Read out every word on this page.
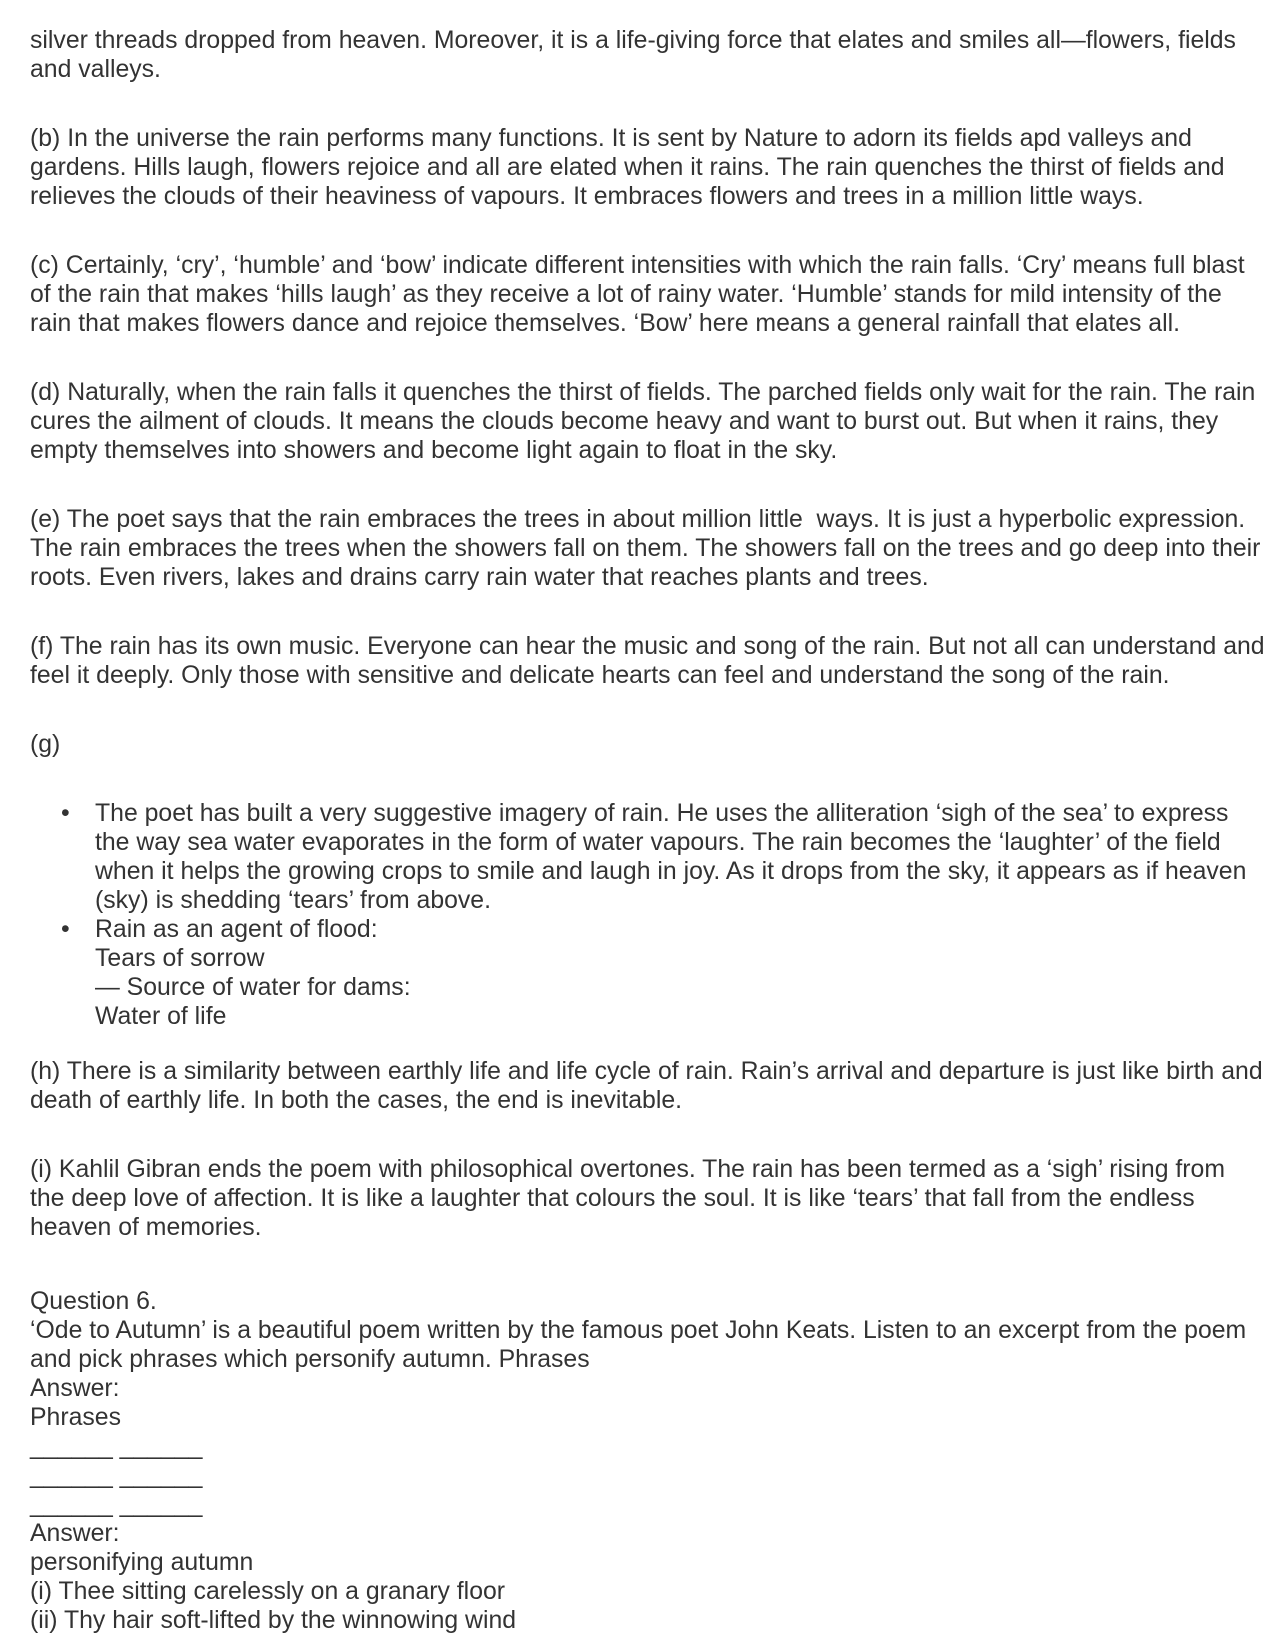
silver threads dropped from heaven. Moreover, it is a life-giving force that elates and smiles all—flowers, fields
and valleys.
(b) In the universe the rain performs many functions. It is sent by Nature to adorn its fields apd valleys and
gardens. Hills laugh, flowers rejoice and all are elated when it rains. The rain quenches the thirst of fields and
relieves the clouds of their heaviness of vapours. It embraces flowers and trees in a million little ways.
(c) Certainly, ‘cry’, ‘humble’ and ‘bow’ indicate different intensities with which the rain falls. ‘Cry’ means full blast
of the rain that makes ‘hills laugh’ as they receive a lot of rainy water. ‘Humble’ stands for mild intensity of the
rain that makes flowers dance and rejoice themselves. ‘Bow’ here means a general rainfall that elates all.
(d) Naturally, when the rain falls it quenches the thirst of fields. The parched fields only wait for the rain. The rain
cures the ailment of clouds. It means the clouds become heavy and want to burst out. But when it rains, they
empty themselves into showers and become light again to float in the sky.
(e) The poet says that the rain embraces the trees in about million little  ways. It is just a hyperbolic expression.
The rain embraces the trees when the showers fall on them. The showers fall on the trees and go deep into their
roots. Even rivers, lakes and drains carry rain water that reaches plants and trees.
(f) The rain has its own music. Everyone can hear the music and song of the rain. But not all can understand and
feel it deeply. Only those with sensitive and delicate hearts can feel and understand the song of the rain.
(g)
• The poet has built a very suggestive imagery of rain. He uses the alliteration ‘sigh of the sea’ to express
the way sea water evaporates in the form of water vapours. The rain becomes the ‘laughter’ of the field
when it helps the growing crops to smile and laugh in joy. As it drops from the sky, it appears as if heaven
(sky) is shedding ‘tears’ from above.
• Rain as an agent of flood:
Tears of sorrow
— Source of water for dams:
Water of life
(h) There is a similarity between earthly life and life cycle of rain. Rain’s arrival and departure is just like birth and
death of earthly life. In both the cases, the end is inevitable.
(i) Kahlil Gibran ends the poem with philosophical overtones. The rain has been termed as a ‘sigh’ rising from
the deep love of affection. It is like a laughter that colours the soul. It is like ‘tears’ that fall from the endless
heaven of memories.
Question 6.
‘Ode to Autumn’ is a beautiful poem written by the famous poet John Keats. Listen to an excerpt from the poem
and pick phrases which personify autumn. Phrases
Answer:
Phrases
______ ______
______ ______
______ ______
Answer:
personifying autumn
(i) Thee sitting carelessly on a granary floor
(ii) Thy hair soft-lifted by the winnowing wind
